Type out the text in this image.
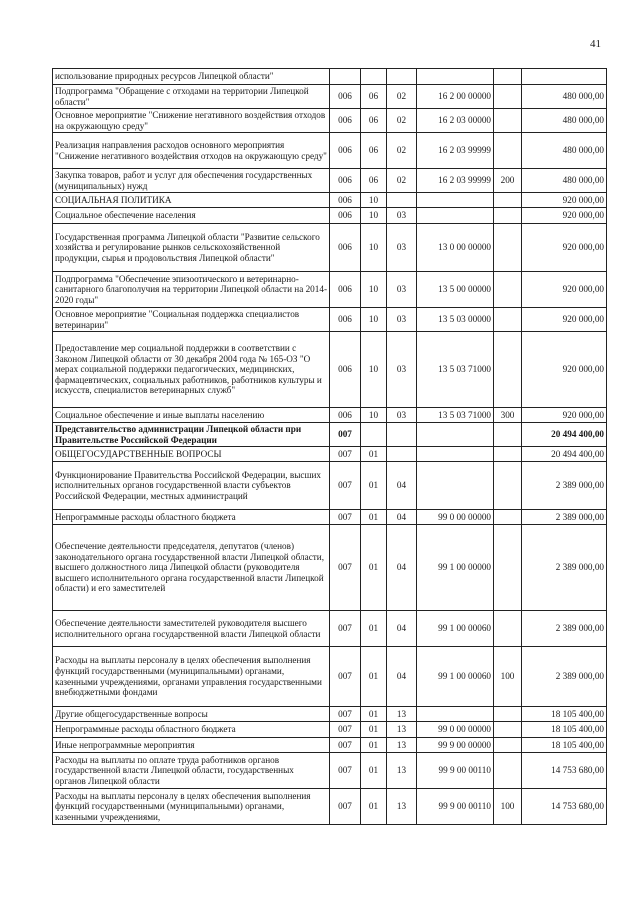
41
использование природных ресурсов Липецкой области"						
Подпрограмма "Обращение с отходами на территории Липецкой области"	006	06	02	16 2 00 00000		480 000,00
Основное мероприятие "Снижение негативного воздействия отходов на окружающую среду"	006	06	02	16 2 03 00000		480 000,00
Реализация направления расходов основного мероприятия "Снижение негативного воздействия отходов на окружающую среду"	006	06	02	16 2 03 99999		480 000,00
Закупка товаров, работ и услуг для обеспечения государственных (муниципальных) нужд	006	06	02	16 2 03 99999	200	480 000,00
СОЦИАЛЬНАЯ ПОЛИТИКА	006	10				920 000,00
Социальное обеспечение населения	006	10	03			920 000,00
Государственная программа Липецкой области "Развитие сельского хозяйства и регулирование рынков сельскохозяйственной продукции, сырья и продовольствия Липецкой области"	006	10	03	13 0 00 00000		920 000,00
Подпрограмма "Обеспечение эпизоотического и ветеринарно-санитарного благополучия на территории Липецкой области на 2014-2020 годы"	006	10	03	13 5 00 00000		920 000,00
Основное мероприятие "Социальная поддержка специалистов ветеринарии"	006	10	03	13 5 03 00000		920 000,00
Предоставление мер социальной поддержки в соответствии с Законом Липецкой области от 30 декабря 2004 года № 165-ОЗ "О мерах социальной поддержки педагогических, медицинских, фармацевтических, социальных работников, работников культуры и искусств, специалистов ветеринарных служб"	006	10	03	13 5 03 71000		920 000,00
Социальное обеспечение и иные выплаты населению	006	10	03	13 5 03 71000	300	920 000,00
Представительство администрации Липецкой области при Правительстве Российской Федерации	007					20 494 400,00
ОБЩЕГОСУДАРСТВЕННЫЕ ВОПРОСЫ	007	01				20 494 400,00
Функционирование Правительства Российской Федерации, высших исполнительных органов государственной власти субъектов Российской Федерации, местных администраций	007	01	04			2 389 000,00
Непрограммные расходы областного бюджета	007	01	04	99 0 00 00000		2 389 000,00
Обеспечение деятельности председателя, депутатов (членов) законодательного органа государственной власти Липецкой области, высшего должностного лица Липецкой области (руководителя высшего исполнительного органа государственной власти Липецкой области) и его заместителей	007	01	04	99 1 00 00000		2 389 000,00
Обеспечение деятельности заместителей руководителя высшего исполнительного органа государственной власти Липецкой области	007	01	04	99 1 00 00060		2 389 000,00
Расходы на выплаты персоналу в целях обеспечения выполнения функций государственными (муниципальными) органами, казенными учреждениями, органами управления государственными внебюджетными фондами	007	01	04	99 1 00 00060	100	2 389 000,00
Другие общегосударственные вопросы	007	01	13			18 105 400,00
Непрограммные расходы областного бюджета	007	01	13	99 0 00 00000		18 105 400,00
Иные непрограммные мероприятия	007	01	13	99 9 00 00000		18 105 400,00
Расходы на выплаты по оплате труда работников органов государственной власти Липецкой области, государственных органов Липецкой области	007	01	13	99 9 00 00110		14 753 680,00
Расходы на выплаты персоналу в целях обеспечения выполнения функций государственными (муниципальными) органами, казенными учреждениями,	007	01	13	99 9 00 00110	100	14 753 680,00
